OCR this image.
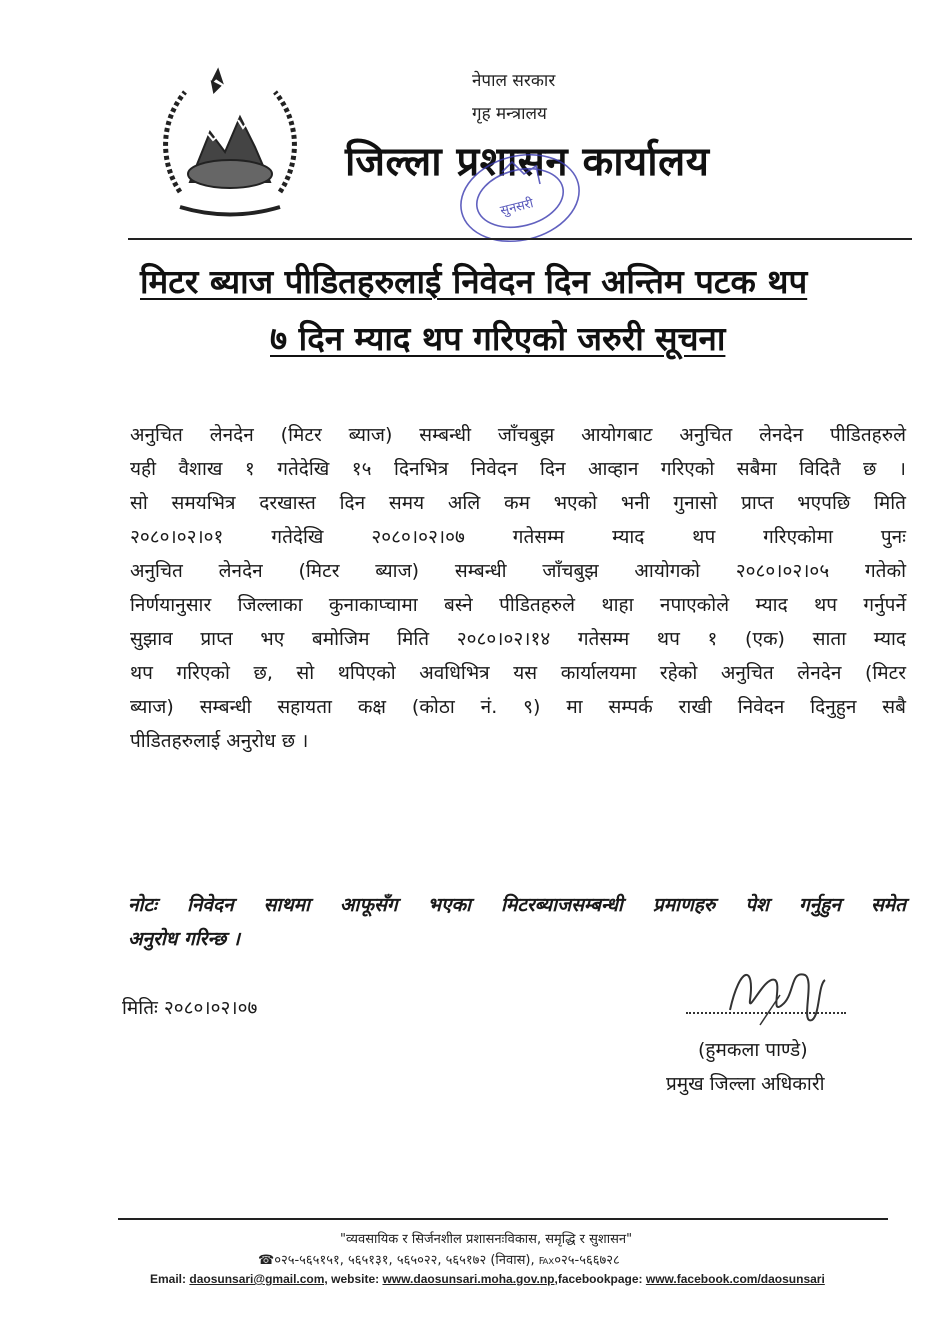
नेपाल सरकार
गृह मन्त्रालय
जिल्ला प्रशासन कार्यालय
सुनसरी
मिटर ब्याज पीडितहरुलाई निवेदन दिन अन्तिम पटक थप
७ दिन म्याद थप गरिएको जरुरी सूचना
अनुचित लेनदेन (मिटर ब्याज) सम्बन्धी जाँचबुझ आयोगबाट अनुचित लेनदेन पीडितहरुले
यही वैशाख १ गतेदेखि १५ दिनभित्र निवेदन दिन आव्हान गरिएको सबैमा विदितै छ ।
सो समयभित्र दरखास्त दिन समय अलि कम भएको भनी गुनासो प्राप्त भएपछि मिति
२०८०।०२।०१ गतेदेखि २०८०।०२।०७ गतेसम्म म्याद थप गरिएकोमा पुनः
अनुचित लेनदेन (मिटर ब्याज) सम्बन्धी जाँचबुझ आयोगको २०८०।०२।०५ गतेको
निर्णयानुसार जिल्लाका कुनाकाप्चामा बस्ने पीडितहरुले थाहा नपाएकोले म्याद थप गर्नुपर्ने
सुझाव प्राप्त भए बमोजिम मिति २०८०।०२।१४ गतेसम्म थप १ (एक) साता म्याद
थप गरिएको छ, सो थपिएको अवधिभित्र यस कार्यालयमा रहेको अनुचित लेनदेन (मिटर
ब्याज) सम्बन्धी सहायता कक्ष (कोठा नं. ९) मा सम्पर्क राखी निवेदन दिनुहुन सबै
पीडितहरुलाई अनुरोध छ ।
नोटः निवेदन साथमा आफूसँग भएका मिटरब्याजसम्बन्धी प्रमाणहरु पेश गर्नुहुन समेत
अनुरोध गरिन्छ ।
मितिः २०८०।०२।०७
(हुमकला पाण्डे)
प्रमुख जिल्ला अधिकारी
"व्यवसायिक र सिर्जनशील प्रशासनःविकास, समृद्धि र सुशासन"
☎०२५-५६५१५१, ५६५१३१, ५६५०२२, ५६५१७२ (निवास), ℻०२५-५६६७२८
Email: daosunsari@gmail.com, website: www.daosunsari.moha.gov.np,facebookpage: www.facebook.com/daosunsari
